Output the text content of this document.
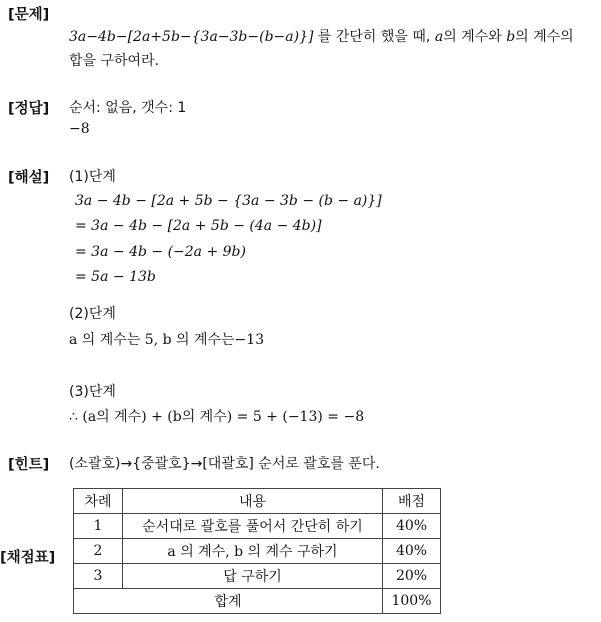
[문제]
3a−4b−[2a+5b−{3a−3b−(b−a)}] 를 간단히 했을 때, a의 계수와 b의 계수의
합을 구하여라.
[정답] 순서: 없음, 갯수: 1
−8
[해설] (1)단계
3a − 4b − [2a + 5b − {3a − 3b − (b − a)}]
= 3a − 4b − [2a + 5b − (4a − 4b)]
= 3a − 4b − (−2a + 9b)
= 5a − 13b
(2)단계
a 의 계수는 5, b 의 계수는−13
(3)단계
∴ (a의 계수) + (b의 계수) = 5 + (−13) = −8
[힌트] (소괄호)→{중괄호}→[대괄호] 순서로 괄호를 푼다.
[채점표]
차례	내용	배점
1	순서대로 괄호를 풀어서 간단히 하기	40%
2	a 의 계수, b 의 계수 구하기	40%
3	답 구하기	20%
합계		100%
